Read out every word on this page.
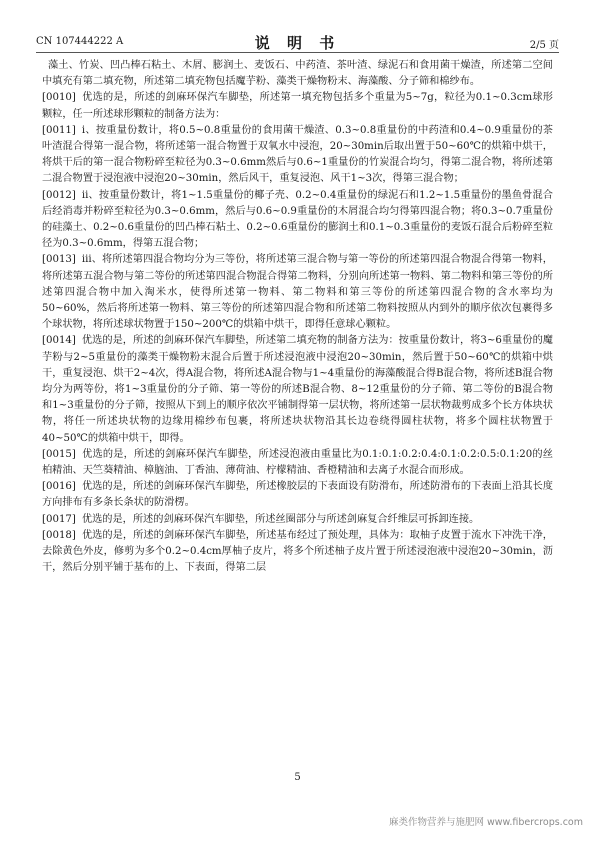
CN 107444222 A	说 明 书	2/5 页

藻土、竹炭、凹凸棒石粘土、木屑、膨润土、麦饭石、中药渣、茶叶渣、绿泥石和食用菌干燥渣，所述第二空间中填充有第二填充物，所述第二填充物包括魔芋粉、藻类干燥物粉末、海藻酸、分子筛和棉纱布。

[0010] 优选的是，所述的剑麻环保汽车脚垫，所述第一填充物包括多个重量为5~7g，粒径为0.1~0.3cm球形颗粒，任一所述球形颗粒的制备方法为：

[0011] i、按重量份数计，将0.5~0.8重量份的食用菌干燥渣、0.3~0.8重量份的中药渣和0.4~0.9重量份的茶叶渣混合得第一混合物，将所述第一混合物置于双氧水中浸泡，20~30min后取出置于50~60℃的烘箱中烘干，将烘干后的第一混合物粉碎至粒径为0.3~0.6mm然后与0.6~1重量份的竹炭混合均匀，得第二混合物，将所述第二混合物置于浸泡液中浸泡20~30min，然后风干，重复浸泡、风干1~3次，得第三混合物；

[0012] ii、按重量份数计，将1~1.5重量份的椰子壳、0.2~0.4重量份的绿泥石和1.2~1.5重量份的墨鱼骨混合后经消毒并粉碎至粒径为0.3~0.6mm，然后与0.6~0.9重量份的木屑混合均匀得第四混合物；将0.3~0.7重量份的硅藻土、0.2~0.6重量份的凹凸棒石粘土、0.2~0.6重量份的膨润土和0.1~0.3重量份的麦饭石混合后粉碎至粒径为0.3~0.6mm，得第五混合物；

[0013] iii、将所述第四混合物均分为三等份，将所述第三混合物与第一等份的所述第四混合物混合得第一物料，将所述第五混合物与第二等份的所述第四混合物混合得第二物料，分别向所述第一物料、第二物料和第三等份的所述第四混合物中加入淘米水，使得所述第一物料、第二物料和第三等份的所述第四混合物的含水率均为50~60%，然后将所述第一物料、第三等份的所述第四混合物和所述第二物料按照从内到外的顺序依次包裹得多个球状物，将所述球状物置于150~200℃的烘箱中烘干，即得任意球心颗粒。

[0014] 优选的是，所述的剑麻环保汽车脚垫，所述第二填充物的制备方法为：按重量份数计，将3~6重量份的魔芋粉与2~5重量份的藻类干燥物粉末混合后置于所述浸泡液中浸泡20~30min，然后置于50~60℃的烘箱中烘干，重复浸泡、烘干2~4次，得A混合物，将所述A混合物与1~4重量份的海藻酸混合得B混合物，将所述B混合物均分为两等份，将1~3重量份的分子筛、第一等份的所述B混合物、8~12重量份的分子筛、第二等份的B混合物和1~3重量份的分子筛，按照从下到上的顺序依次平铺制得第一层状物，将所述第一层状物裁剪成多个长方体块状物，将任一所述块状物的边缘用棉纱布包裹，将所述块状物沿其长边卷绕得圆柱状物，将多个圆柱状物置于40~50℃的烘箱中烘干，即得。

[0015] 优选的是，所述的剑麻环保汽车脚垫，所述浸泡液由重量比为0.1:0.1:0.2:0.4:0.1:0.2:0.5:0.1:20的丝柏精油、天竺葵精油、樟脑油、丁香油、薄荷油、柠檬精油、香橙精油和去离子水混合而形成。

[0016] 优选的是，所述的剑麻环保汽车脚垫，所述橡胶层的下表面设有防滑布，所述防滑布的下表面上沿其长度方向排布有多条长条状的防滑楞。

[0017] 优选的是，所述的剑麻环保汽车脚垫，所述丝圈部分与所述剑麻复合纤维层可拆卸连接。

[0018] 优选的是，所述的剑麻环保汽车脚垫，所述基布经过了预处理，具体为：取柚子皮置于流水下冲洗干净，去除黄色外皮，修剪为多个0.2~0.4cm厚柚子皮片，将多个所述柚子皮片置于所述浸泡液中浸泡20~30min，沥干，然后分别平铺于基布的上、下表面，得第二层

5
麻类作物营养与施肥网 www.fibercrops.com
